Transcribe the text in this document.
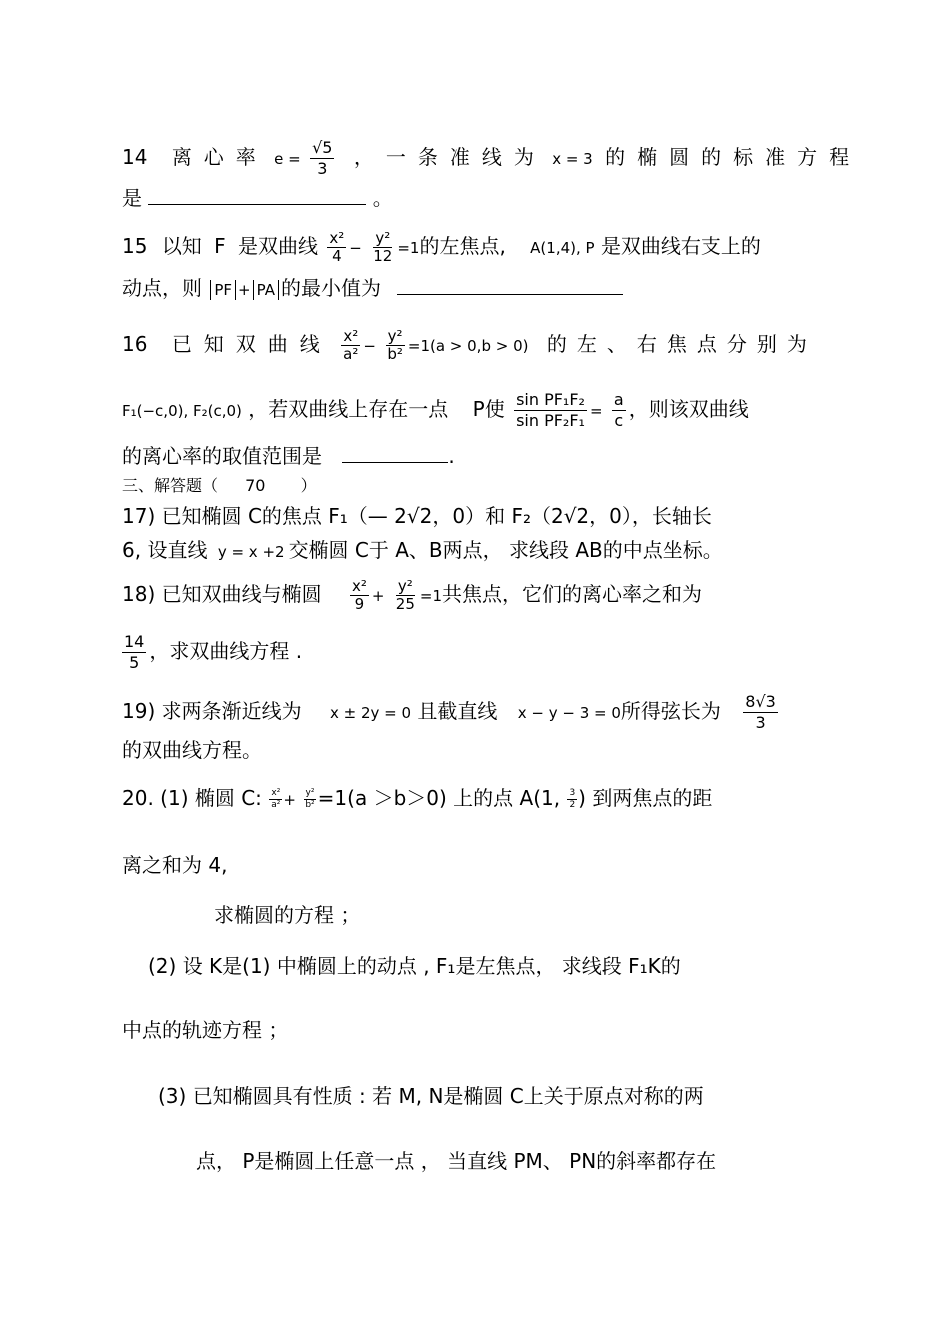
14 离心率 $e = \frac{√5}{3}$ ，一条准线为 x = 3 的椭圆的标准方程
是	。
15 以知 F 是双曲线 $\frac{\text{x²}}{4} - \frac{\text{y²}}{12} =1$的左焦点, A(1,4), P 是双曲线右支上的
动点，则 PF + PA 的最小值为
16 已知双曲线 $\frac{\text{x²}}{\text{a²}} - \frac{\text{y²}}{\text{b²}} =1(a > 0,b > 0)$ 的左、右焦点分别为
F₁(−c,0), F₂(c,0) ，若双曲线上存在一点 P使 $\frac{\text{sin PF₁F₂}}{\text{sin PF₂F₁}} = \frac{a}{c}$ ，则该双曲线
的离心率的取值范围是	.
三、解答题（ 70 ）
17) 已知椭圆 C的焦点 F₁（— 2√2，0）和 F₂（2√2，0），长轴长
6, 设直线 y = x +2 交椭圆 C于 A、B两点， 求线段 AB的中点坐标。
18) 已知双曲线与椭圆 $\frac{\text{x²}}{9} + \frac{\text{y²}}{25} =1$共焦点，它们的离心率之和为
$\frac{14}{5}$ ，求双曲线方程 .
19) 求两条渐近线为 x ± 2y = 0 且截直线 x − y − 3 = 0所得弦长为 $\frac{8√3}{3}$
的双曲线方程。
20. (1) 椭圆 C: $\frac{\text{x²}}{\text{a²}} + \frac{\text{y²}}{\text{b²}} =1(a >b>0)$ 上的点 A(1, $\frac{3}{2}$ ) 到两焦点的距
离之和为 4,
求椭圆的方程 ；
(2) 设 K是(1) 中椭圆上的动点 , F₁是左焦点， 求线段 F₁K的
中点的轨迹方程 ；
(3) 已知椭圆具有性质 : 若 M, N是椭圆 C上关于原点对称的两
点， P是椭圆上任意一点 ， 当直线 PM、 PN的斜率都存在
